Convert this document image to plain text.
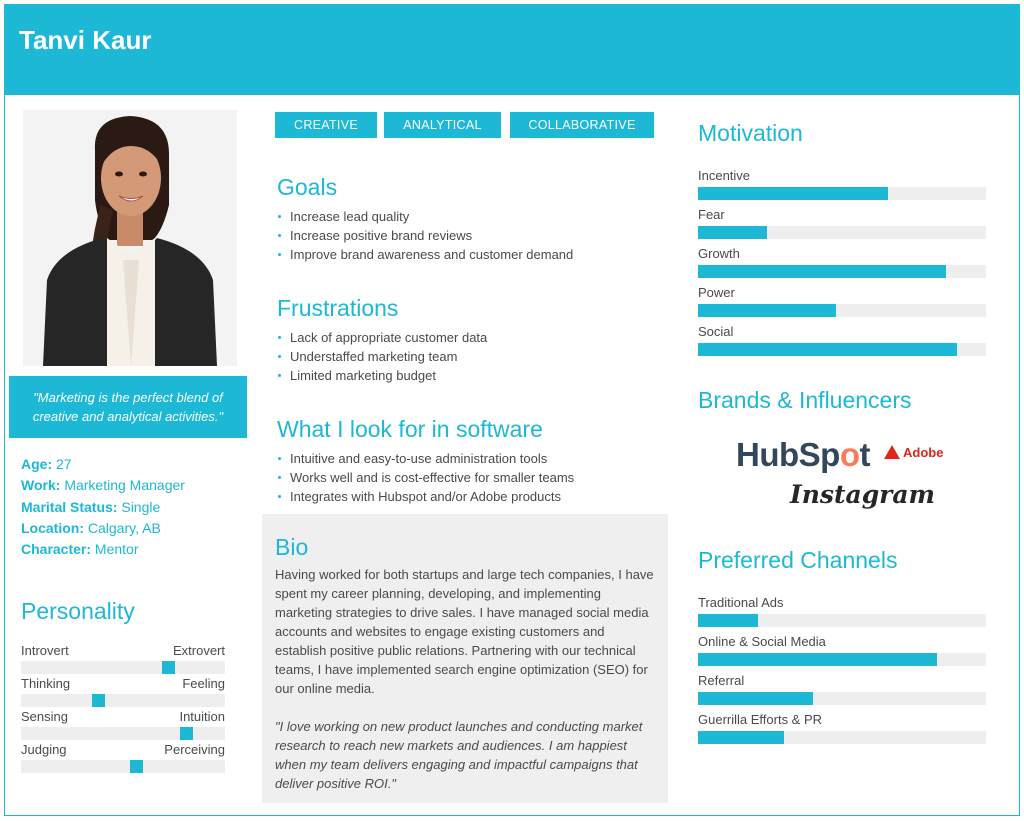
Tanvi Kaur
"Marketing is the perfect blend of creative and analytical activities."
Age: 27
Work: Marketing Manager
Marital Status: Single
Location: Calgary, AB
Character: Mentor
Personality
Introvert	Extrovert
Thinking	Feeling
Sensing	Intuition
Judging	Perceiving
CREATIVE	ANALYTICAL	COLLABORATIVE
Goals
Increase lead quality
Increase positive brand reviews
Improve brand awareness and customer demand
Frustrations
Lack of appropriate customer data
Understaffed marketing team
Limited marketing budget
What I look for in software
Intuitive and easy-to-use administration tools
Works well and is cost-effective for smaller teams
Integrates with Hubspot and/or Adobe products
Bio

Having worked for both startups and large tech companies, I have spent my career planning, developing, and implementing marketing strategies to drive sales. I have managed social media accounts and websites to engage existing customers and establish positive public relations. Partnering with our technical teams, I have implemented search engine optimization (SEO) for our online media.

"I love working on new product launches and conducting market research to reach new markets and audiences. I am happiest when my team delivers engaging and impactful campaigns that deliver positive ROI."

Motivation
Incentive
Fear
Growth
Power
Social
Brands & Influencers
HubSpot	Adobe
Instagram
Preferred Channels
Traditional Ads
Online & Social Media
Referral
Guerrilla Efforts & PR
